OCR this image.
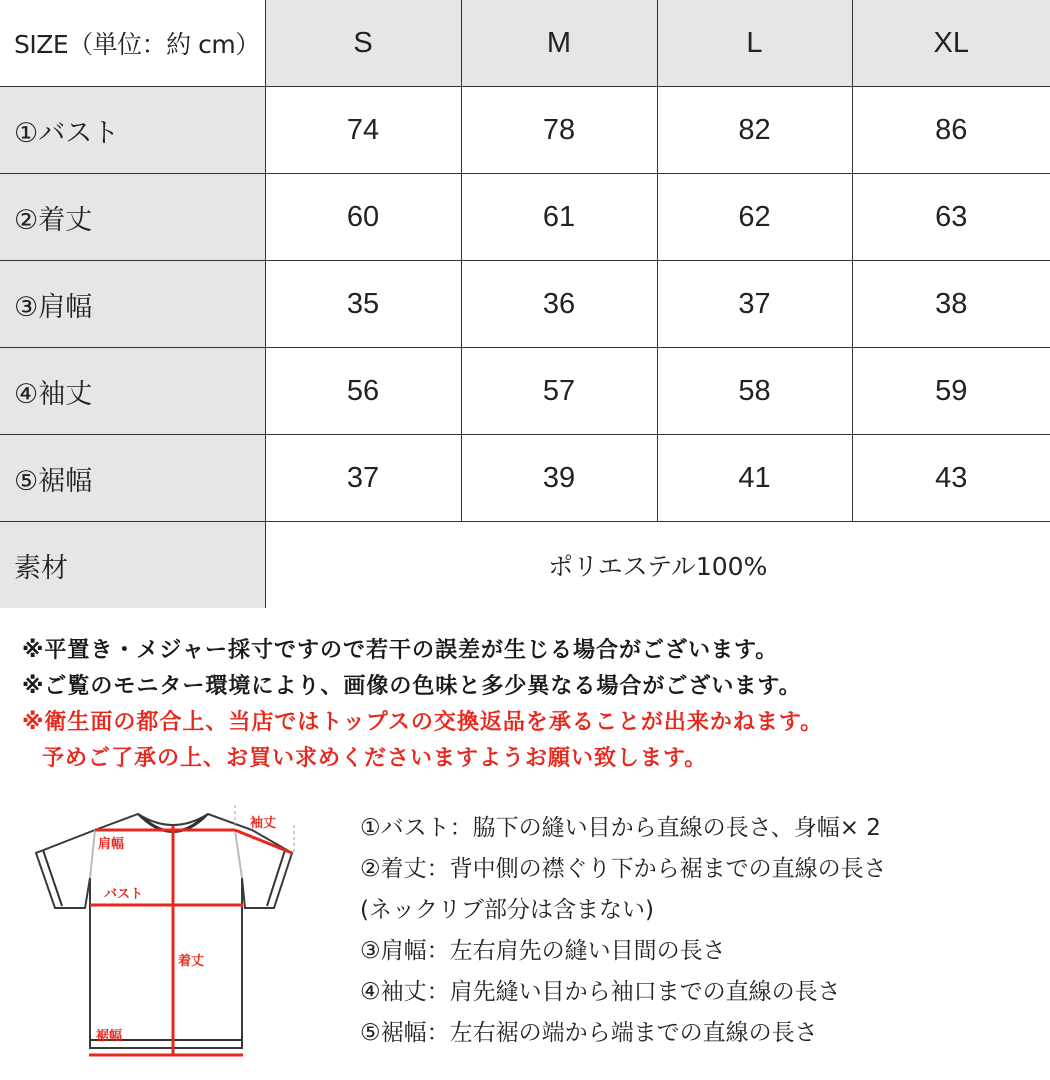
SIZE（単位：約 cm）	S	M	L	XL
①バスト	74	78	82	86
②着丈	60	61	62	63
③肩幅	35	36	37	38
④袖丈	56	57	58	59
⑤裾幅	37	39	41	43
素材	ポリエステル100%			
※平置き・メジャー採寸ですので若干の誤差が生じる場合がございます。
※ご覧のモニター環境により、画像の色味と多少異なる場合がございます。
※衛生面の都合上、当店ではトップスの交換返品を承ることが出来かねます。
予めご了承の上、お買い求めくださいますようお願い致します。
肩幅
袖丈
バスト
着丈
裾幅
①バスト：脇下の縫い目から直線の長さ、身幅× 2
②着丈：背中側の襟ぐり下から裾までの直線の長さ
(ネックリブ部分は含まない)
③肩幅：左右肩先の縫い目間の長さ
④袖丈：肩先縫い目から袖口までの直線の長さ
⑤裾幅：左右裾の端から端までの直線の長さ
